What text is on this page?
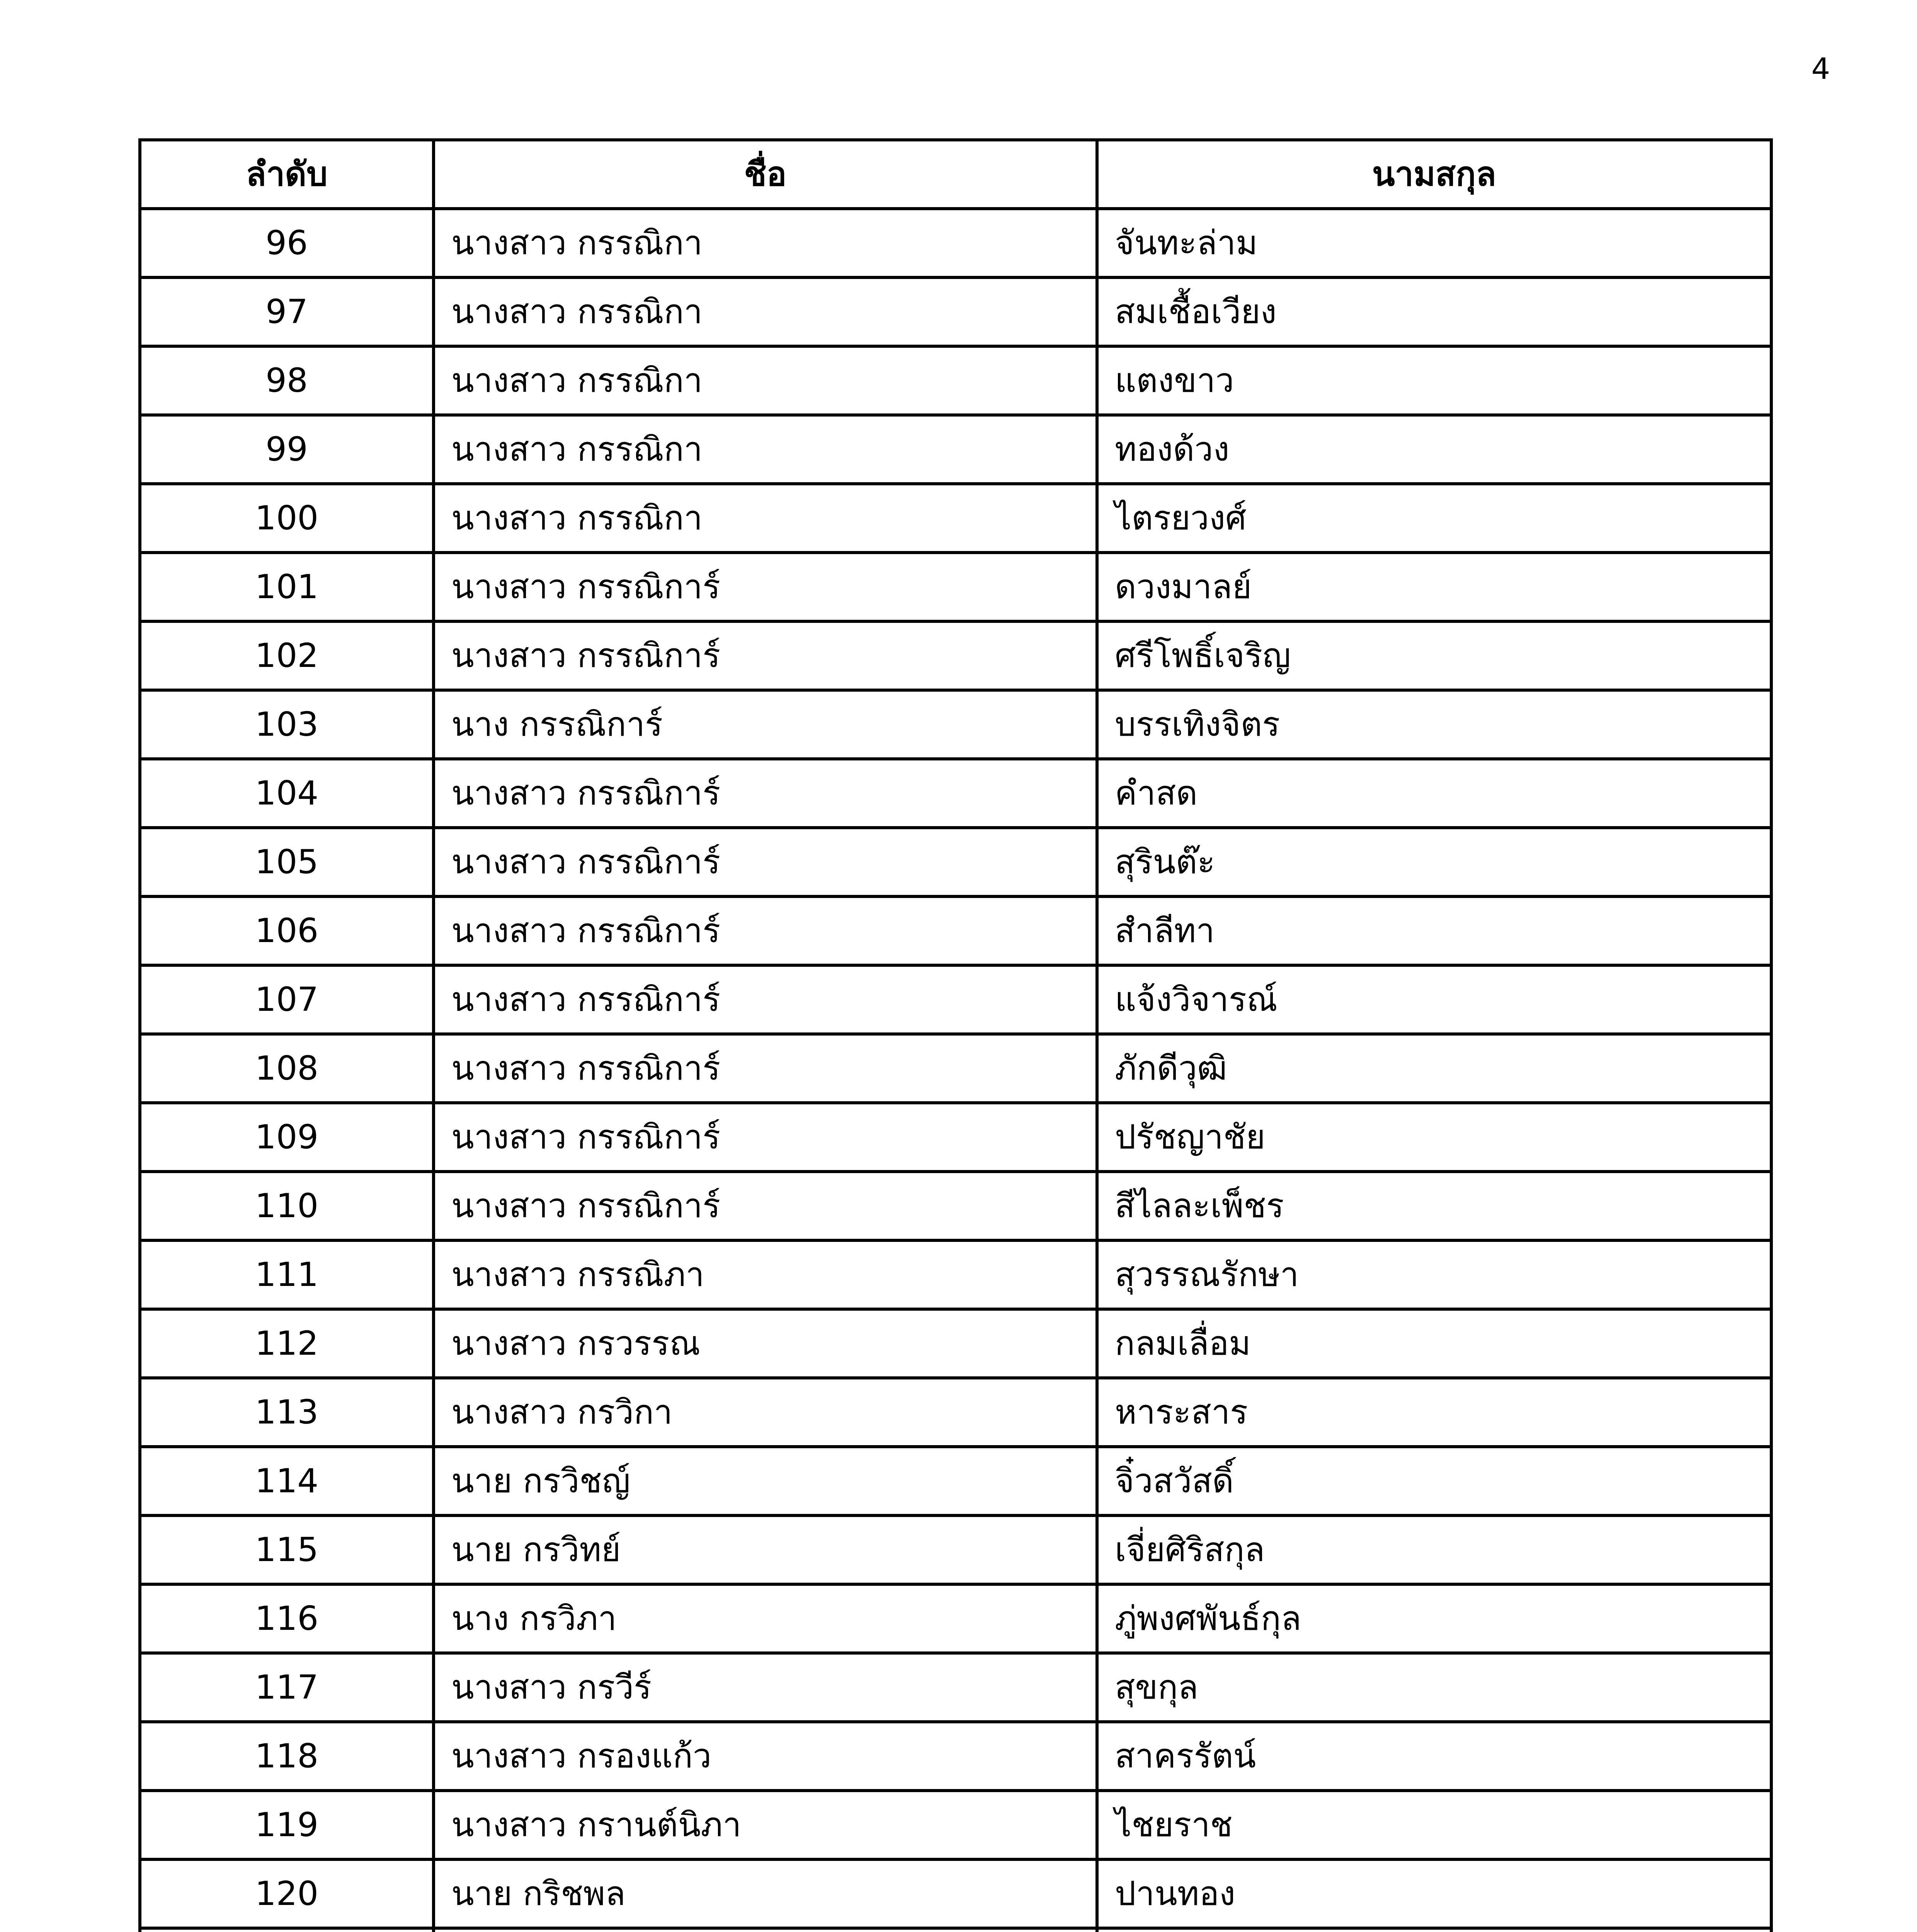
4
ลำดับ	ชื่อ	นามสกุล
96	นางสาว กรรณิกา	จันทะล่าม
97	นางสาว กรรณิกา	สมเชื้อเวียง
98	นางสาว กรรณิกา	แตงขาว
99	นางสาว กรรณิกา	ทองด้วง
100	นางสาว กรรณิกา	ไตรยวงศ์
101	นางสาว กรรณิการ์	ดวงมาลย์
102	นางสาว กรรณิการ์	ศรีโพธิ์เจริญ
103	นาง กรรณิการ์	บรรเทิงจิตร
104	นางสาว กรรณิการ์	คำสด
105	นางสาว กรรณิการ์	สุรินต๊ะ
106	นางสาว กรรณิการ์	สำลีทา
107	นางสาว กรรณิการ์	แจ้งวิจารณ์
108	นางสาว กรรณิการ์	ภักดีวุฒิ
109	นางสาว กรรณิการ์	ปรัชญาชัย
110	นางสาว กรรณิการ์	สีไลละเพ็ชร
111	นางสาว กรรณิภา	สุวรรณรักษา
112	นางสาว กรวรรณ	กลมเลื่อม
113	นางสาว กรวิกา	หาระสาร
114	นาย กรวิชญ์	จิ๋วสวัสดิ์
115	นาย กรวิทย์	เจี่ยศิริสกุล
116	นาง กรวิภา	ภู่พงศพันธ์กุล
117	นางสาว กรวีร์	สุขกุล
118	นางสาว กรองแก้ว	สาครรัตน์
119	นางสาว กรานต์นิภา	ไชยราช
120	นาย กริชพล	ปานทอง
